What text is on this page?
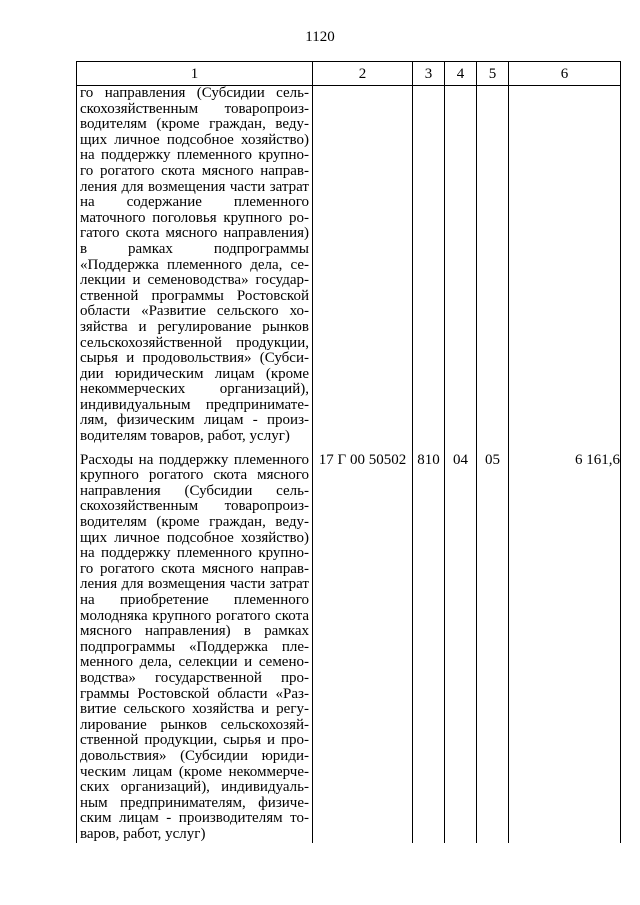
1120
1	2	3	4	5	6

го направления (Субсидии сельскохозяйственным товаропроизводителям (кроме граждан, ведущих личное подсобное хозяйство) на поддержку племенного крупного рогатого скота мясного направления для возмещения части затрат на содержание племенного маточного поголовья крупного рогатого скота мясного направления) в рамках подпрограммы «Поддержка племенного дела, селекции и семеноводства» государственной программы Ростовской области «Развитие сельского хозяйства и регулирование рынков сельскохозяйственной продукции, сырья и продовольствия» (Субсидии юридическим лицам (кроме некоммерческих организаций), индивидуальным предпринимателям, физическим лицам - производителям товаров, работ, услуг)					

Расходы на поддержку племенного крупного рогатого скота мясного направления (Субсидии сельскохозяйственным товаропроизводителям (кроме граждан, ведущих личное подсобное хозяйство) на поддержку племенного крупного рогатого скота мясного направления для возмещения части затрат на приобретение племенного молодняка крупного рогатого скота мясного направления) в рамках подпрограммы «Поддержка племенного дела, селекции и семеноводства» государственной программы Ростовской области «Развитие сельского хозяйства и регулирование рынков сельскохозяйственной продукции, сырья и продовольствия» (Субсидии юридическим лицам (кроме некоммерческих организаций), индивидуальным предпринимателям, физическим лицам - производителям товаров, работ, услуг)	17 Г 00 50502	810	04	05	6 161,6
